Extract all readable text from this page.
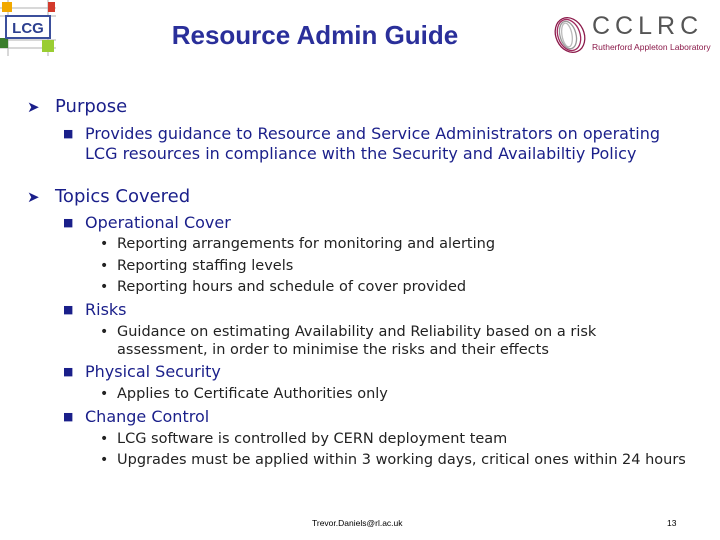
LCG	Resource Admin Guide	CCLRC
Rutherford Appleton Laboratory
➤ Purpose
■ Provides guidance to Resource and Service Administrators on operating LCG resources in compliance with the Security and Availabiltiy Policy
➤ Topics Covered
■ Operational Cover
• Reporting arrangements for monitoring and alerting
• Reporting staffing levels
• Reporting hours and schedule of cover provided
■ Risks
• Guidance on estimating Availability and Reliability based on a risk assessment, in order to minimise the risks and their effects
■ Physical Security
• Applies to Certificate Authorities only
■ Change Control
• LCG software is controlled by CERN deployment team
• Upgrades must be applied within 3 working days, critical ones within 24 hours
Trevor.Daniels@rl.ac.uk	13
